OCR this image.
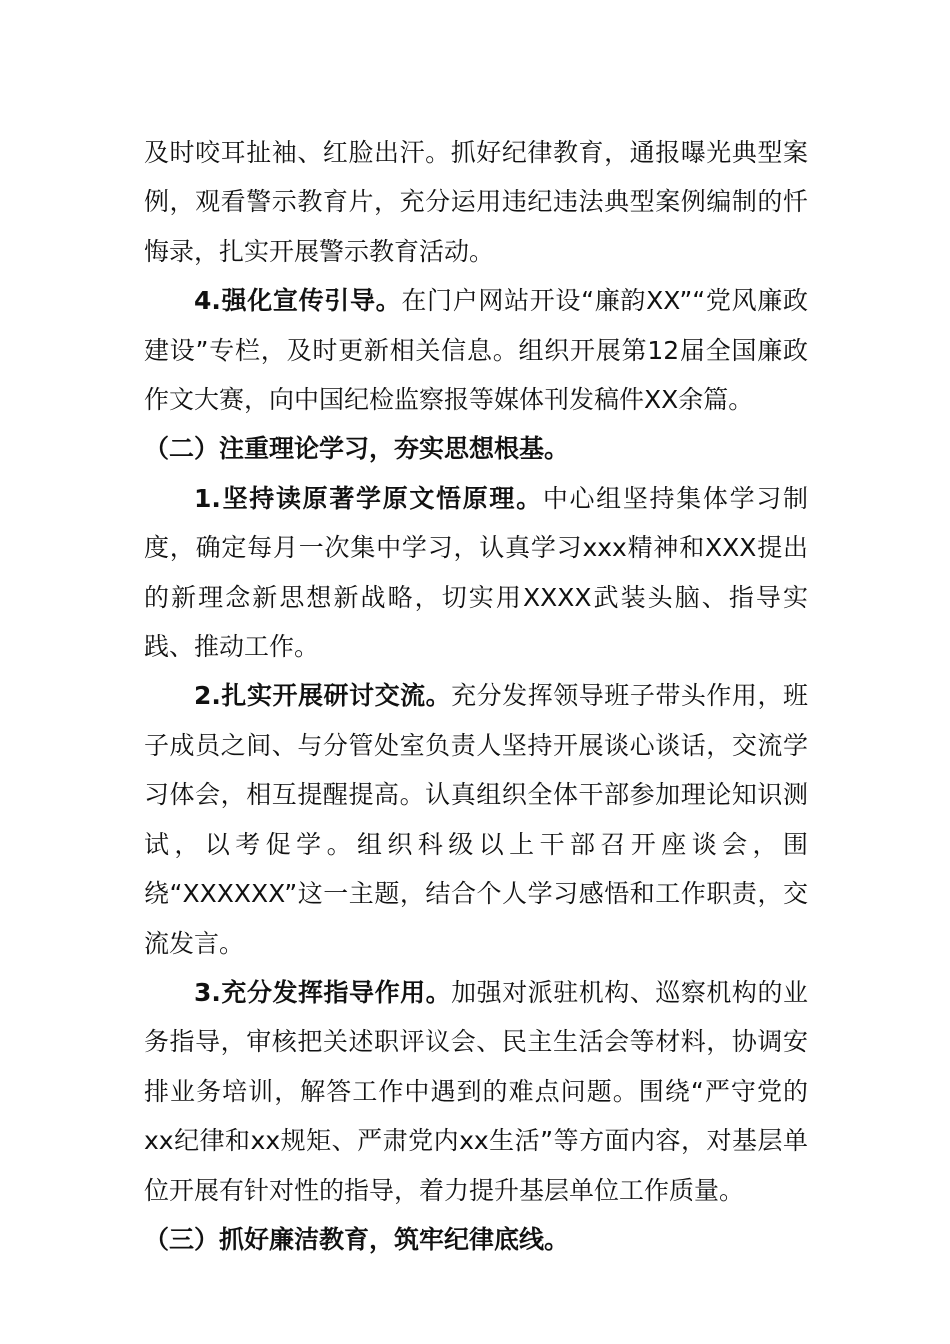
及时咬耳扯袖、红脸出汗。抓好纪律教育，通报曝光典型案例，观看警示教育片，充分运用违纪违法典型案例编制的忏悔录，扎实开展警示教育活动。

4.强化宣传引导。在门户网站开设“廉韵XX”“党风廉政建设”专栏，及时更新相关信息。组织开展第12届全国廉政作文大赛，向中国纪检监察报等媒体刊发稿件XX余篇。

（二）注重理论学习，夯实思想根基。

1.坚持读原著学原文悟原理。中心组坚持集体学习制度，确定每月一次集中学习，认真学习xxx精神和XXX提出的新理念新思想新战略，切实用XXXX武装头脑、指导实践、推动工作。

2.扎实开展研讨交流。充分发挥领导班子带头作用，班子成员之间、与分管处室负责人坚持开展谈心谈话，交流学习体会，相互提醒提高。认真组织全体干部参加理论知识测试，以考促学。组织科级以上干部召开座谈会，围绕“XXXXXX”这一主题，结合个人学习感悟和工作职责，交流发言。

3.充分发挥指导作用。加强对派驻机构、巡察机构的业务指导，审核把关述职评议会、民主生活会等材料，协调安排业务培训，解答工作中遇到的难点问题。围绕“严守党的xx纪律和xx规矩、严肃党内xx生活”等方面内容，对基层单位开展有针对性的指导，着力提升基层单位工作质量。

（三）抓好廉洁教育，筑牢纪律底线。
